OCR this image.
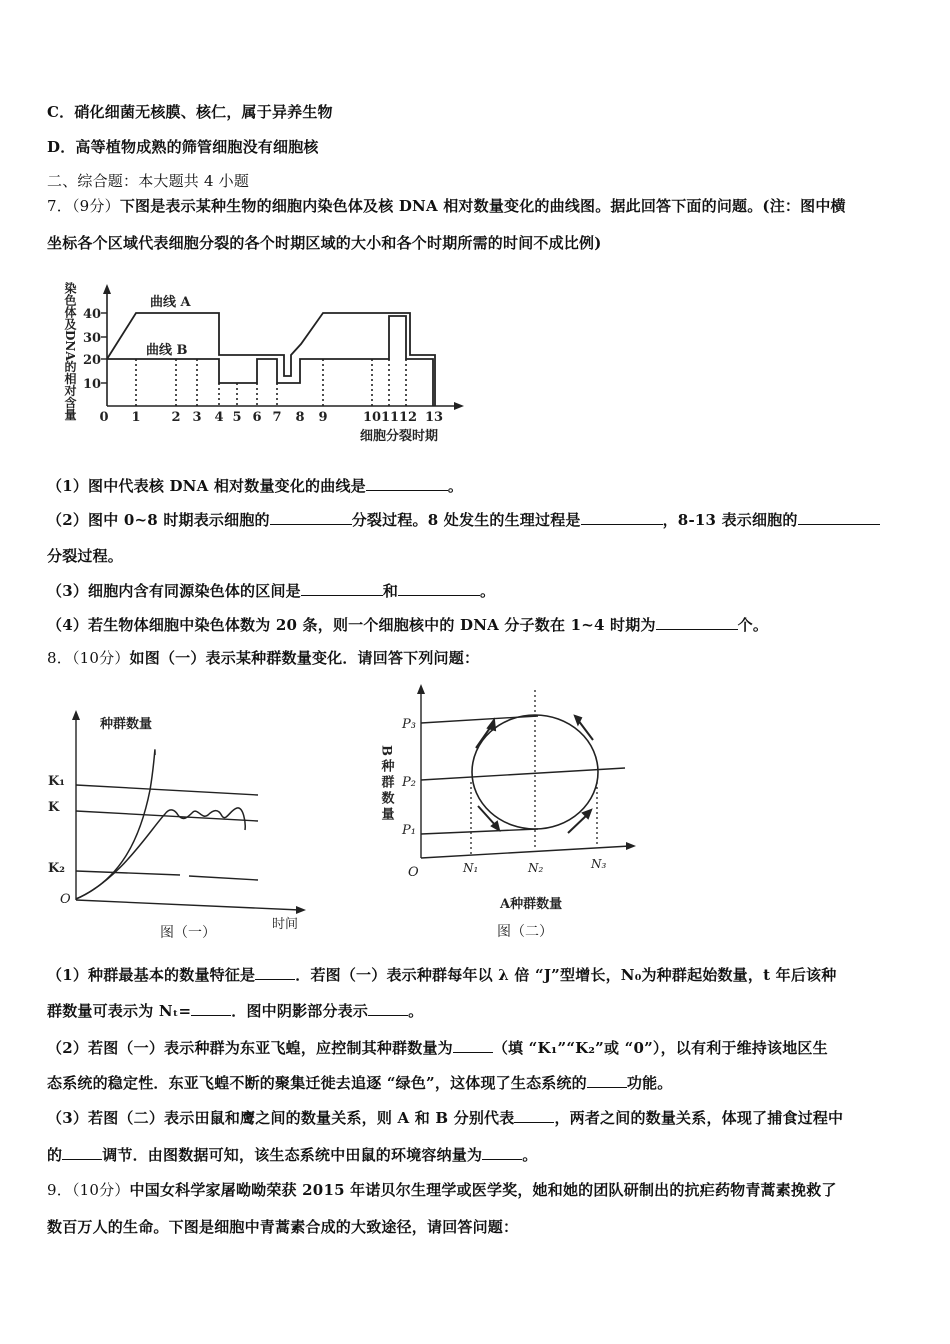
C．硝化细菌无核膜、核仁，属于异养生物
D．高等植物成熟的筛管细胞没有细胞核
二、综合题：本大题共 4 小题
7．（9分）下图是表示某种生物的细胞内染色体及核 DNA 相对数量变化的曲线图。据此回答下面的问题。(注：图中横
坐标各个区域代表细胞分裂的各个时期区域的大小和各个时期所需的时间不成比例)
染色体及DNA的相对含量 40
30
20
10
0 1 2 3 4 5 6 7 8 9	10 11 12 13
细胞分裂时期
曲线 A
曲线 B
（1）图中代表核 DNA 相对数量变化的曲线是	。
（2）图中 0~8 时期表示细胞的	分裂过程。8 处发生的生理过程是	，8-13 表示细胞的
分裂过程。
（3）细胞内含有同源染色体的区间是	和	。
（4）若生物体细胞中染色体数为 20 条，则一个细胞核中的 DNA 分子数在 1~4 时期为	个。
8．（10分）如图（一）表示某种群数量变化．请回答下列问题：
种群数量
O
时间
K₁
K
K₂
图（一）
O
B种群数量
P₃
P₂
P₁
N₁	N₂	N₃
A种群数量
图（二）
（1）种群最基本的数量特征是	．若图（一）表示种群每年以 λ 倍 “J”型增长，N₀为种群起始数量，t 年后该种
群数量可表示为 Nₜ=	．图中阴影部分表示	。
（2）若图（一）表示种群为东亚飞蝗，应控制其种群数量为	（填 “K₁”“K₂”或 “0”），以有利于维持该地区生
态系统的稳定性．东亚飞蝗不断的聚集迁徙去追逐 “绿色”，这体现了生态系统的	功能。
（3）若图（二）表示田鼠和鹰之间的数量关系，则 A 和 B 分别代表	，两者之间的数量关系，体现了捕食过程中
的	调节．由图数据可知，该生态系统中田鼠的环境容纳量为	。
9．（10分）中国女科学家屠呦呦荣获 2015 年诺贝尔生理学或医学奖，她和她的团队研制出的抗疟药物青蒿素挽救了
数百万人的生命。下图是细胞中青蒿素合成的大致途径，请回答问题：
